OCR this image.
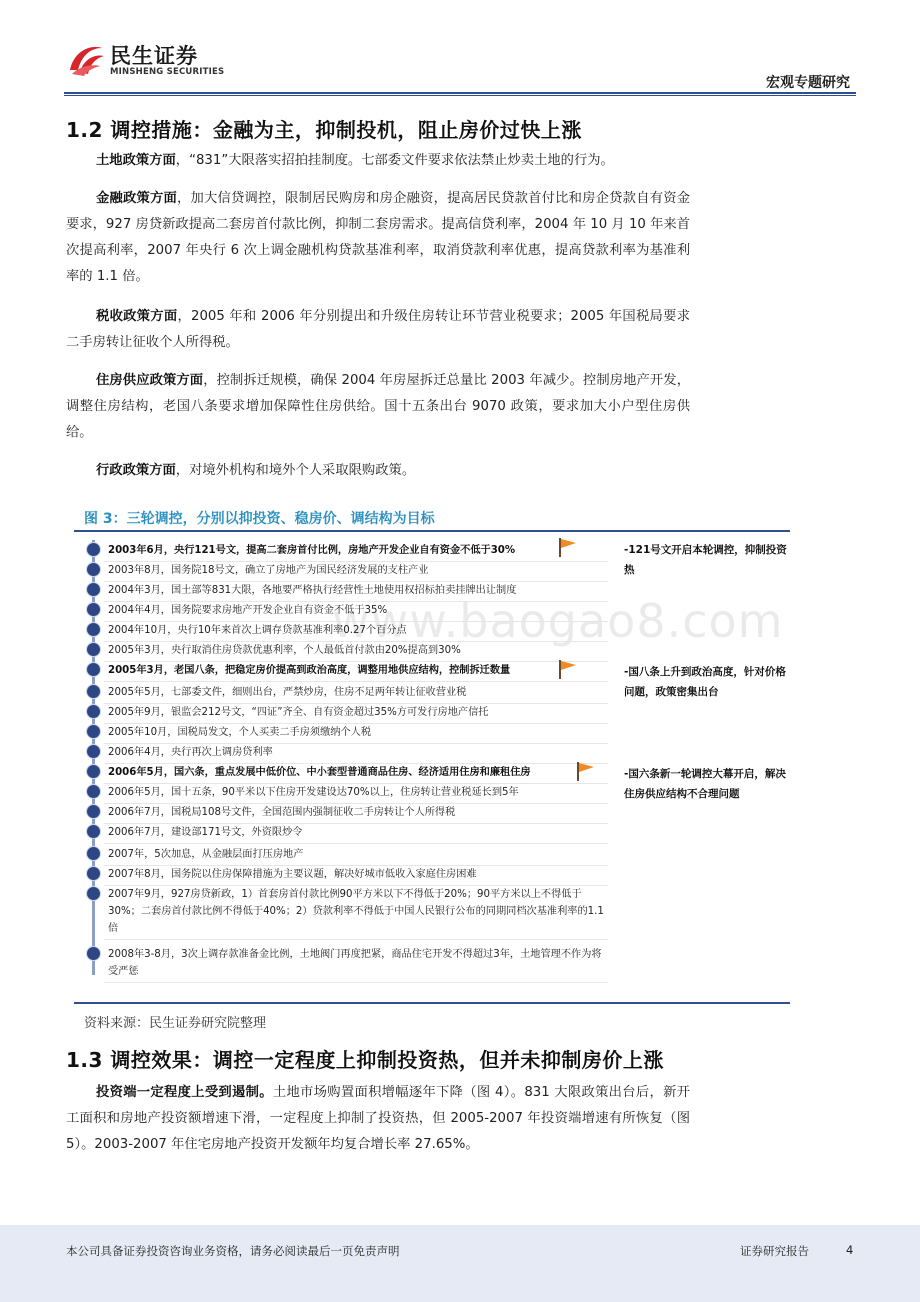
民生证券
MINSHENG SECURITIES
宏观专题研究
1.2 调控措施：金融为主，抑制投机，阻止房价过快上涨
土地政策方面，“831”大限落实招拍挂制度。七部委文件要求依法禁止炒卖土地的行为。
金融政策方面，加大信贷调控，限制居民购房和房企融资，提高居民贷款首付比和房企贷款自有资金要求，927 房贷新政提高二套房首付款比例，抑制二套房需求。提高信贷利率，2004 年 10 月 10 年来首次提高利率，2007 年央行 6 次上调金融机构贷款基准利率，取消贷款利率优惠，提高贷款利率为基准利率的 1.1 倍。
税收政策方面，2005 年和 2006 年分别提出和升级住房转让环节营业税要求；2005 年国税局要求二手房转让征收个人所得税。
住房供应政策方面，控制拆迁规模，确保 2004 年房屋拆迁总量比 2003 年减少。控制房地产开发，调整住房结构，老国八条要求增加保障性住房供给。国十五条出台 9070 政策，要求加大小户型住房供给。
行政政策方面，对境外机构和境外个人采取限购政策。
图 3：三轮调控，分别以抑投资、稳房价、调结构为目标
www.baogao8.com
2003年6月，央行121号文，提高二套房首付比例，房地产开发企业自有资金不低于30%
2003年8月，国务院18号文，确立了房地产为国民经济发展的支柱产业
2004年3月，国土部等831大限，各地要严格执行经营性土地使用权招标拍卖挂牌出让制度
2004年4月，国务院要求房地产开发企业自有资金不低于35%
2004年10月，央行10年来首次上调存贷款基准利率0.27个百分点
2005年3月，央行取消住房贷款优惠利率，个人最低首付款由20%提高到30%
2005年3月，老国八条，把稳定房价提高到政治高度，调整用地供应结构，控制拆迁数量
2005年5月，七部委文件，细则出台，严禁炒房，住房不足两年转让征收营业税
2005年9月，银监会212号文，“四证”齐全、自有资金超过35%方可发行房地产信托
2005年10月，国税局发文，个人买卖二手房须缴纳个人税
2006年4月，央行再次上调房贷利率
2006年5月，国六条，重点发展中低价位、中小套型普通商品住房、经济适用住房和廉租住房
2006年5月，国十五条，90平米以下住房开发建设达70%以上，住房转让营业税延长到5年
2006年7月，国税局108号文件，全国范围内强制征收二手房转让个人所得税
2006年7月，建设部171号文，外资限炒令
2007年，5次加息，从金融层面打压房地产
2007年8月，国务院以住房保障措施为主要议题，解决好城市低收入家庭住房困难
2007年9月，927房贷新政，1）首套房首付款比例90平方米以下不得低于20%；90平方米以上不得低于30%；二套房首付款比例不得低于40%；2）贷款利率不得低于中国人民银行公布的同期同档次基准利率的1.1倍
2008年3-8月，3次上调存款准备金比例，土地阀门再度把紧，商品住宅开发不得超过3年，土地管理不作为将受严惩
-121号文开启本轮调控，抑制投资热
-国八条上升到政治高度，针对价格问题，政策密集出台
-国六条新一轮调控大幕开启，解决住房供应结构不合理问题
资料来源：民生证券研究院整理
1.3 调控效果：调控一定程度上抑制投资热，但并未抑制房价上涨
投资端一定程度上受到遏制。土地市场购置面积增幅逐年下降（图 4）。831 大限政策出台后，新开工面积和房地产投资额增速下滑，一定程度上抑制了投资热，但 2005-2007 年投资端增速有所恢复（图 5）。2003-2007 年住宅房地产投资开发额年均复合增长率 27.65%。
本公司具备证券投资咨询业务资格，请务必阅读最后一页免责声明	证券研究报告	4
